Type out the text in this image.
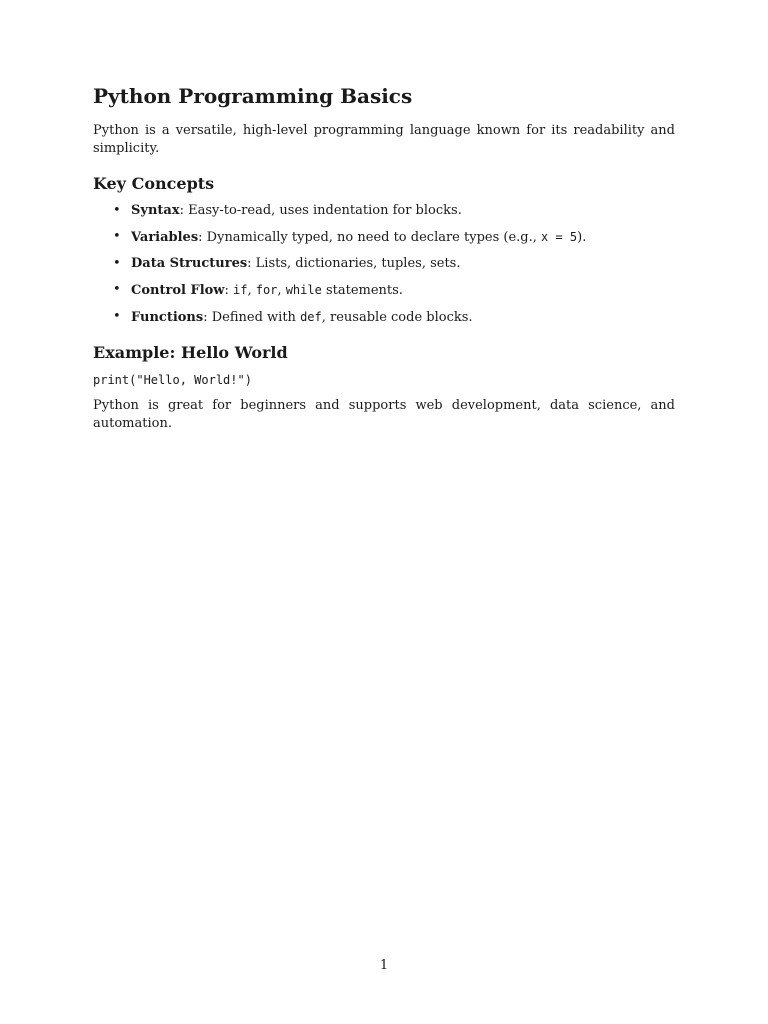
Python Programming Basics

Python is a versatile, high-level programming language known for its readability and simplicity.

Key Concepts
• Syntax: Easy-to-read, uses indentation for blocks.
• Variables: Dynamically typed, no need to declare types (e.g., x = 5).
• Data Structures: Lists, dictionaries, tuples, sets.
• Control Flow: if, for, while statements.
• Functions: Defined with def, reusable code blocks.
Example: Hello World
print("Hello, World!")

Python is great for beginners and supports web development, data science, and automation.

1
